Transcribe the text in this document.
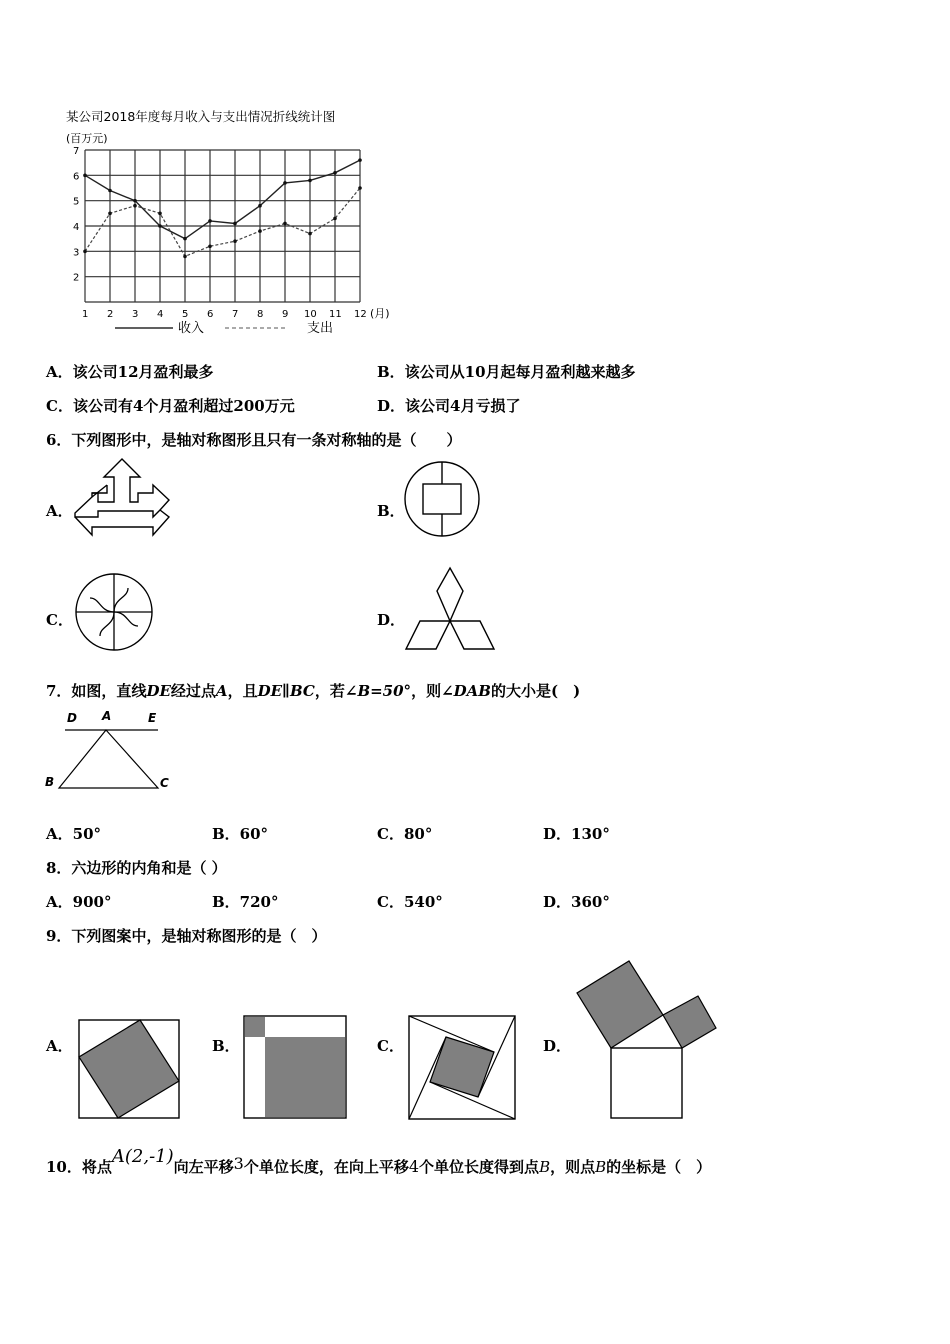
某公司2018年度每月收入与支出情况折线统计图
(百万元)
2
3
4
5
6
7
1 2 3 4 5 6 7 8 9 10 11 12 (月)
收入	支出
A．该公司12月盈利最多	B．该公司从10月起每月盈利越来越多
C．该公司有4个月盈利超过200万元	D．该公司4月亏损了
6．下列图形中，是轴对称图形且只有一条对称轴的是（　　）
A．	B．
C．	D．
7．如图，直线DE经过点A，且DE∥BC，若∠B=50°，则∠DAB的大小是(　)
D A	E
B	C
A．50°	B．60°	C．80°	D．130°
8．六边形的内角和是（ ）
A．900°	B．720°	C．540°	D．360°
9．下列图案中，是轴对称图形的是（　）
A．	B．	C．	D．
10．将点A(2,-1)向左平移3个单位长度，在向上平移4个单位长度得到点B，则点B的坐标是（　）
